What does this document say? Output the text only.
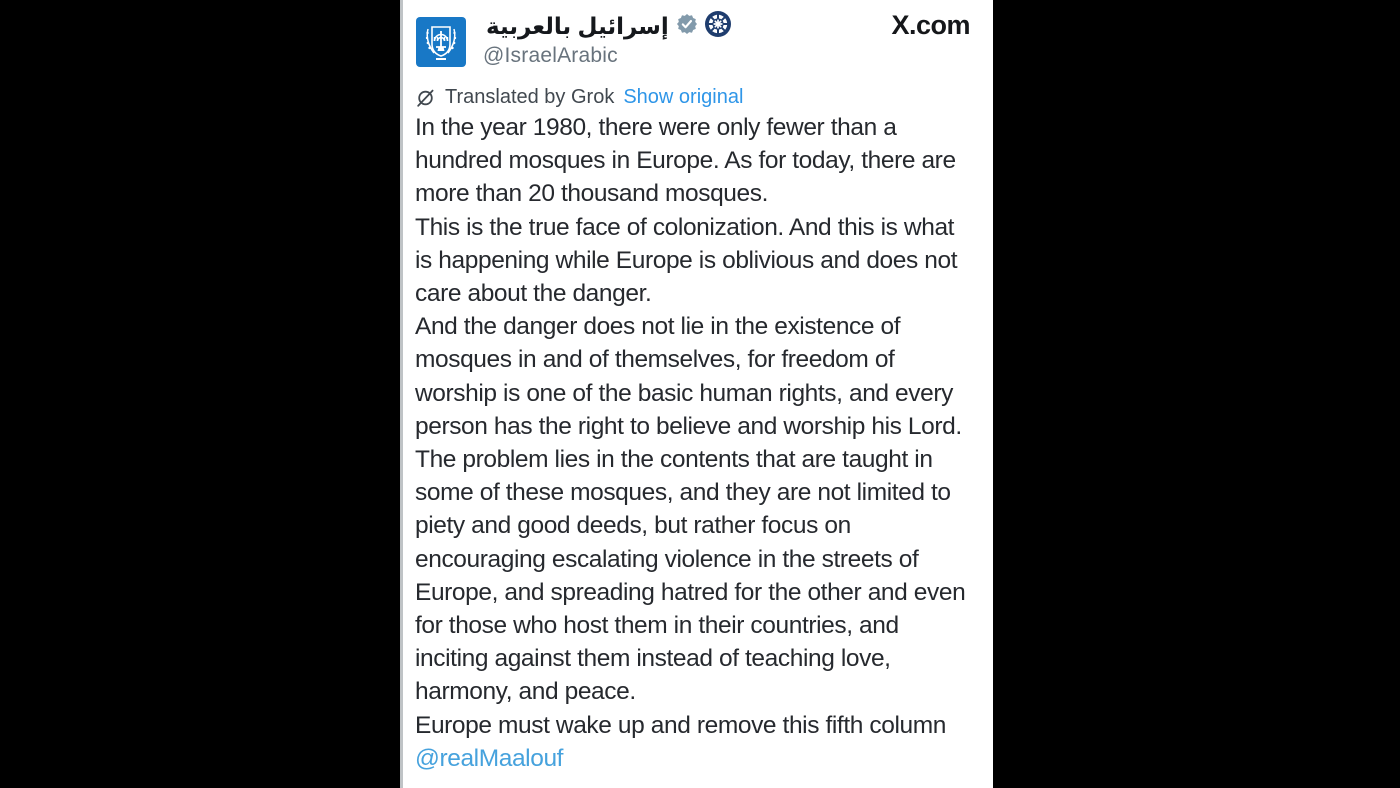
إسرائيل بالعربية
@IsraelArabic
X.com
Translated by Grok Show original
In the year 1980, there were only fewer than a
hundred mosques in Europe. As for today, there are
more than 20 thousand mosques.
This is the true face of colonization. And this is what
is happening while Europe is oblivious and does not
care about the danger.
And the danger does not lie in the existence of
mosques in and of themselves, for freedom of
worship is one of the basic human rights, and every
person has the right to believe and worship his Lord.
The problem lies in the contents that are taught in
some of these mosques, and they are not limited to
piety and good deeds, but rather focus on
encouraging escalating violence in the streets of
Europe, and spreading hatred for the other and even
for those who host them in their countries, and
inciting against them instead of teaching love,
harmony, and peace.
Europe must wake up and remove this fifth column
@realMaalouf
